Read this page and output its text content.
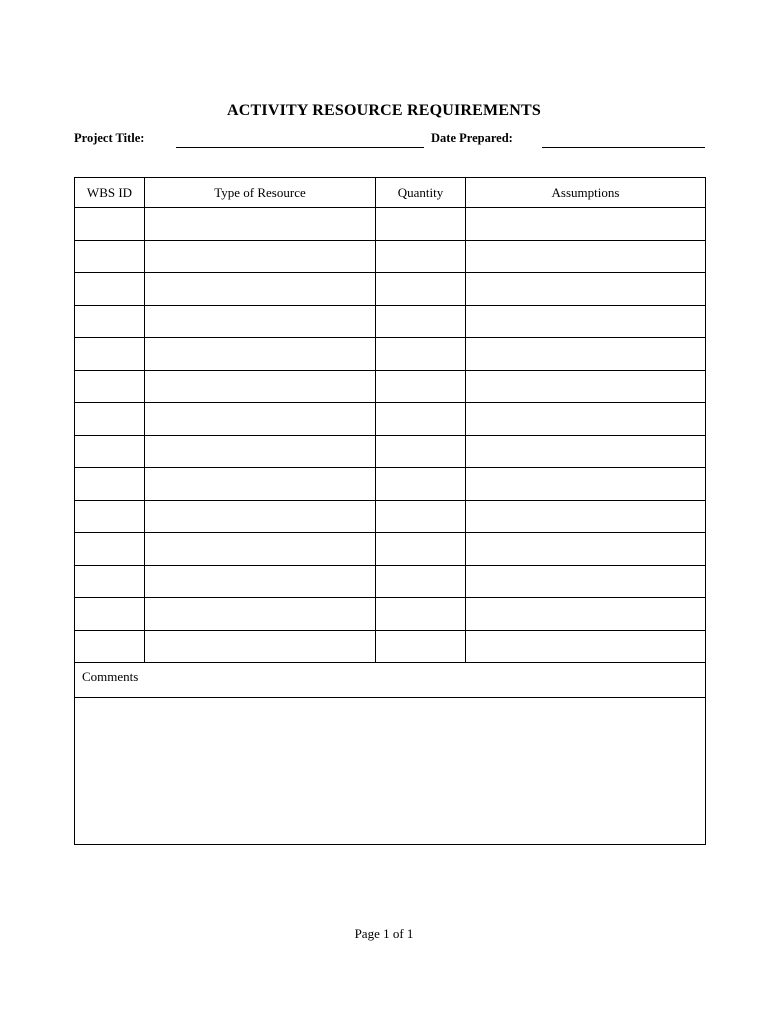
ACTIVITY RESOURCE REQUIREMENTS
Project Title:	Date Prepared:
WBS ID	Type of Resource	Quantity	Assumptions

Comments			

Page 1 of 1
